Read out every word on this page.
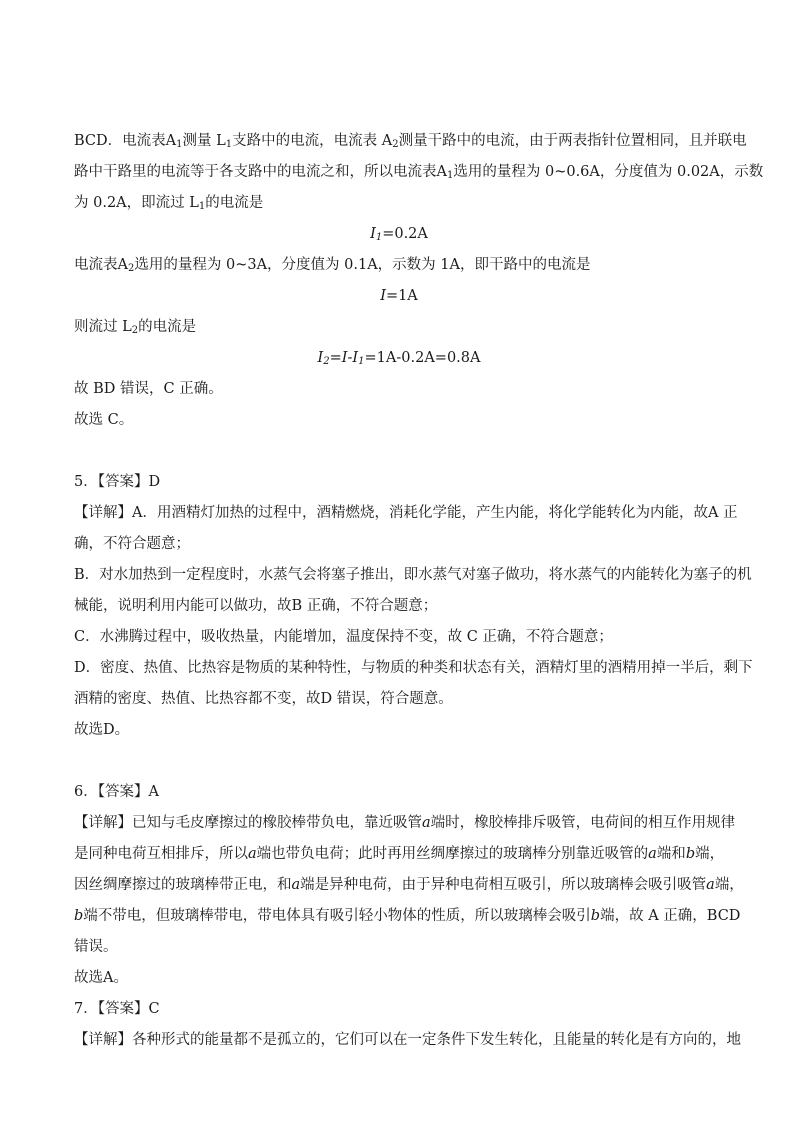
BCD．电流表$A_1$测量 $L_1$支路中的电流，电流表 $A_2$测量干路中的电流，由于两表指针位置相同，且并联电
路中干路里的电流等于各支路中的电流之和，所以电流表$A_1$选用的量程为 0~0.6A，分度值为 0.02A，示数
为 0.2A，即流过 $L_1$的电流是
$I_1=0.2A$
电流表$A_2$选用的量程为 0~3A，分度值为 0.1A，示数为 1A，即干路中的电流是
I=1A
则流过 $L_2$的电流是
$I_2=I-I_1=1A-0.2A=0.8A$
故 BD 错误，C 正确。
故选 C。
5．【答案】D
【详解】A．用酒精灯加热的过程中，酒精燃烧，消耗化学能，产生内能，将化学能转化为内能，故A 正
确，不符合题意；
B．对水加热到一定程度时，水蒸气会将塞子推出，即水蒸气对塞子做功，将水蒸气的内能转化为塞子的机
械能，说明利用内能可以做功，故B 正确，不符合题意；
C．水沸腾过程中，吸收热量，内能增加，温度保持不变，故 C 正确，不符合题意；
D．密度、热值、比热容是物质的某种特性，与物质的种类和状态有关，酒精灯里的酒精用掉一半后，剩下
酒精的密度、热值、比热容都不变，故D 错误，符合题意。
故选D。
6．【答案】A
【详解】已知与毛皮摩擦过的橡胶棒带负电，靠近吸管a端时，橡胶棒排斥吸管，电荷间的相互作用规律
是同种电荷互相排斥，所以a端也带负电荷；此时再用丝绸摩擦过的玻璃棒分别靠近吸管的a端和b端，
因丝绸摩擦过的玻璃棒带正电，和a端是异种电荷，由于异种电荷相互吸引，所以玻璃棒会吸引吸管a端，
b端不带电，但玻璃棒带电，带电体具有吸引轻小物体的性质，所以玻璃棒会吸引b端，故 A 正确，BCD
错误。
故选A。
7．【答案】C
【详解】各种形式的能量都不是孤立的，它们可以在一定条件下发生转化，且能量的转化是有方向的，地
